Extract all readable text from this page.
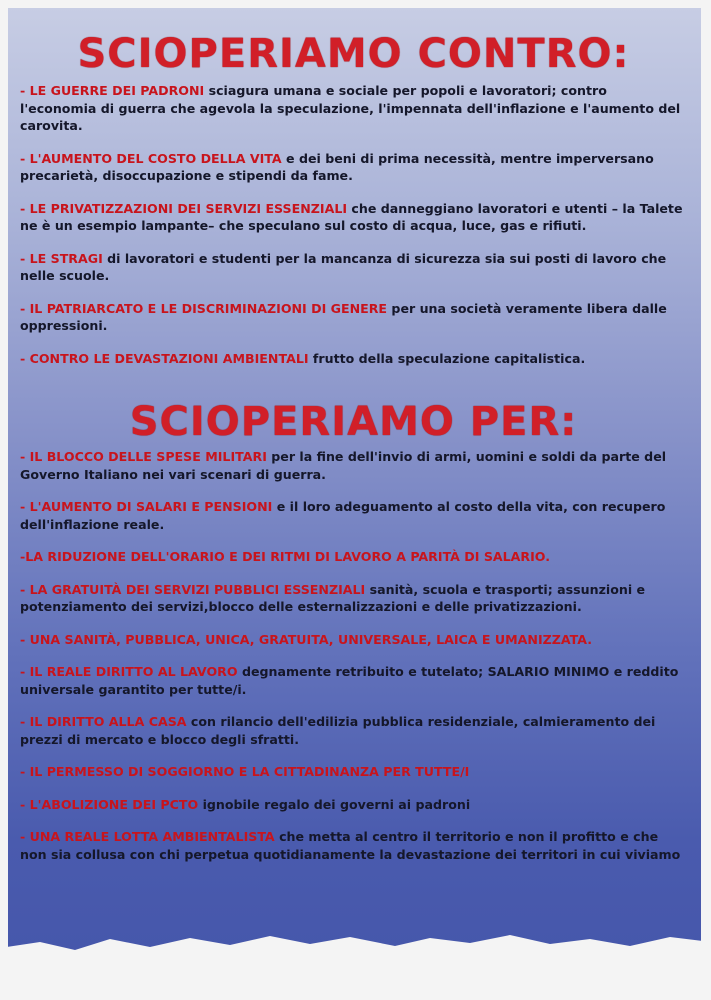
SCIOPERIAMO CONTRO:
- LE GUERRE DEI PADRONI sciagura umana e sociale per popoli e lavoratori; contro l'economia di guerra che agevola la speculazione, l'impennata dell'inflazione e l'aumento del carovita.
- L'AUMENTO DEL COSTO DELLA VITA e dei beni di prima necessità, mentre imperversano precarietà, disoccupazione e stipendi da fame.
- LE PRIVATIZZAZIONI DEI SERVIZI ESSENZIALI che danneggiano lavoratori e utenti – la Talete ne è un esempio lampante– che speculano sul costo di acqua, luce, gas e rifiuti.
- LE STRAGI di lavoratori e studenti per la mancanza di sicurezza sia sui posti di lavoro che nelle scuole.
- IL PATRIARCATO E LE DISCRIMINAZIONI DI GENERE per una società veramente libera dalle oppressioni.
- CONTRO LE DEVASTAZIONI AMBIENTALI frutto della speculazione capitalistica.
SCIOPERIAMO PER:
- IL BLOCCO DELLE SPESE MILITARI per la fine dell'invio di armi, uomini e soldi da parte del Governo Italiano nei vari scenari di guerra.
- L'AUMENTO DI SALARI E PENSIONI e il loro adeguamento al costo della vita, con recupero dell'inflazione reale.
-LA RIDUZIONE DELL'ORARIO E DEI RITMI DI LAVORO A PARITÀ DI SALARIO.
- LA GRATUITÀ DEI SERVIZI PUBBLICI ESSENZIALI sanità, scuola e trasporti; assunzioni e potenziamento dei servizi,blocco delle esternalizzazioni e delle privatizzazioni.
- UNA SANITÀ, PUBBLICA, UNICA, GRATUITA, UNIVERSALE, LAICA E UMANIZZATA.
- IL REALE DIRITTO AL LAVORO degnamente retribuito e tutelato; SALARIO MINIMO e reddito universale garantito per tutte/i.
- IL DIRITTO ALLA CASA con rilancio dell'edilizia pubblica residenziale, calmieramento dei prezzi di mercato e blocco degli sfratti.
- IL PERMESSO DI SOGGIORNO E LA CITTADINANZA PER TUTTE/I
- L'ABOLIZIONE DEI PCTO ignobile regalo dei governi ai padroni
- UNA REALE LOTTA AMBIENTALISTA che metta al centro il territorio e non il profitto e che non sia collusa con chi perpetua quotidianamente la devastazione dei territori in cui viviamo
